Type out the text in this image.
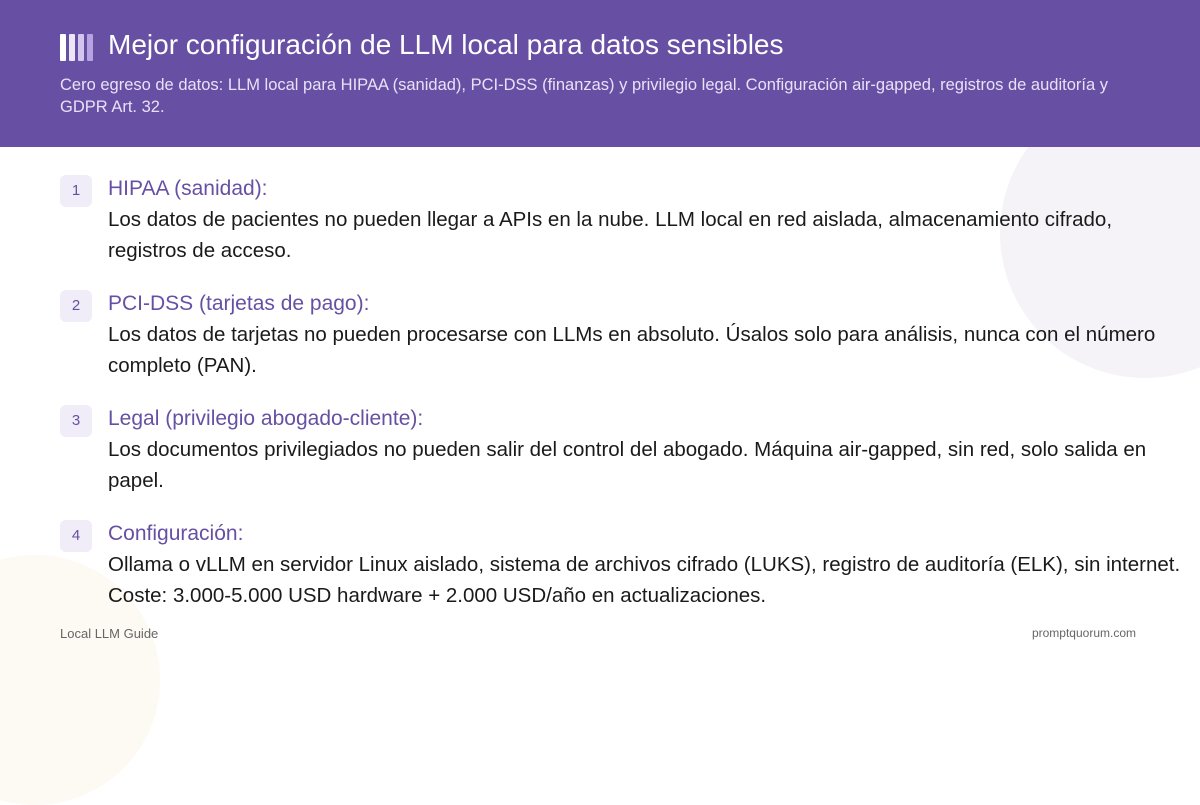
Mejor configuración de LLM local para datos sensibles

Cero egreso de datos: LLM local para HIPAA (sanidad), PCI-DSS (finanzas) y privilegio legal. Configuración air-gapped, registros de auditoría y GDPR Art. 32.

1	HIPAA (sanidad):

Los datos de pacientes no pueden llegar a APIs en la nube. LLM local en red aislada, almacenamiento cifrado, registros de acceso.

2	PCI-DSS (tarjetas de pago):

Los datos de tarjetas no pueden procesarse con LLMs en absoluto. Úsalos solo para análisis, nunca con el número completo (PAN).

3	Legal (privilegio abogado-cliente):

Los documentos privilegiados no pueden salir del control del abogado. Máquina air-gapped, sin red, solo salida en papel.

4	Configuración:

Ollama o vLLM en servidor Linux aislado, sistema de archivos cifrado (LUKS), registro de auditoría (ELK), sin internet. Coste: 3.000-5.000 USD hardware + 2.000 USD/año en actualizaciones.

Local LLM Guide	promptquorum.com
